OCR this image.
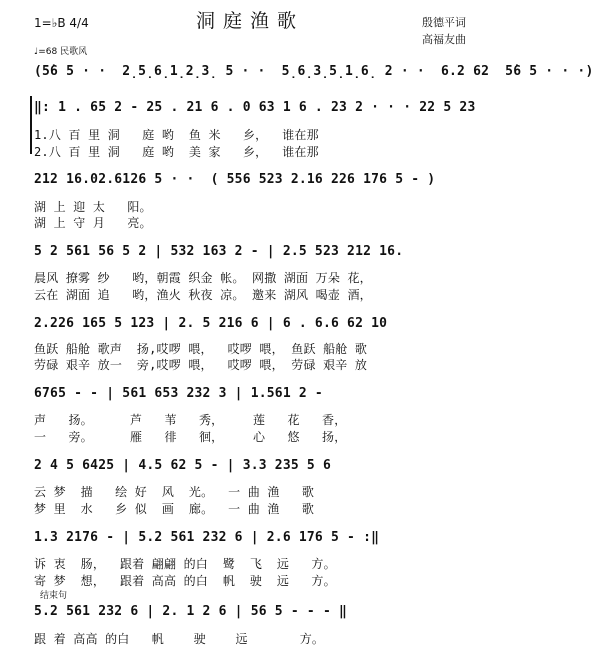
洞庭渔歌
1=♭B 4/4
♩=68 民歌风
殷德平词
高福友曲
结束句
(5̇6 5 · ·  2̣5̣6̣1̣2̣3̣ 5 · ·  5̣6̣3̣5̣1̣6̣ 2 · ·  6.2 62  5̇6 5 · · ·)
‖: 1 . 65 2 - 25 . 21 6 . 0 63 1 6 . 23 2 · · · 22 5 23
1.八 百 里 洞   庭 哟  鱼 米   乡，  谁在那
2.八 百 里 洞   庭 哟  美 家   乡，  谁在那
212 16.02.6126 5 · ·  ( 556 523 2.16 226 176 5 - )
湖 上 迎 太   阳。
湖 上 守 月   亮。
5 2 561 56 5 2 | 532 163 2 - | 2.5 523 212 16.
晨风 撩雾 纱   哟，朝霞 织金 帐。 网撒 湖面 万朵 花，
云在 湖面 追   哟，渔火 秋夜 凉。 邀来 湖风 喝壶 酒，
2.226 165 5 123 | 2. 5 216 6 | 6 . 6.6 62 10
鱼跃 船舱 歌声  扬,哎啰 喂，  哎啰 喂， 鱼跃 船舱 歌
劳碌 艰辛 放一  旁,哎啰 喂，  哎啰 喂， 劳碌 艰辛 放
6765 - - | 561 653 232 3 | 1.561 2 -
声   扬。     芦   苇   秀，    莲   花   香，
一   旁。     雁   徘   徊，    心   悠   扬，
2 4 5 6425 | 4.5 62 5 - | 3.3 235 5 6
云 梦  描   绘 好  风  光。  一 曲 渔   歌
梦 里  水   乡 似  画  廊。  一 曲 渔   歌
1.3 2176 - | 5.2 561 232 6 | 2.6 176 5 - :‖
诉 衷  肠，  跟着 翩翩 的白  鹭  飞  远   方。
寄 梦  想，  跟着 高高 的白  帆  驶  远   方。
5.2 561 232 6 | 2. 1 2 6 | 56 5 - - - ‖
跟 着 高高 的白   帆    驶    远       方。
